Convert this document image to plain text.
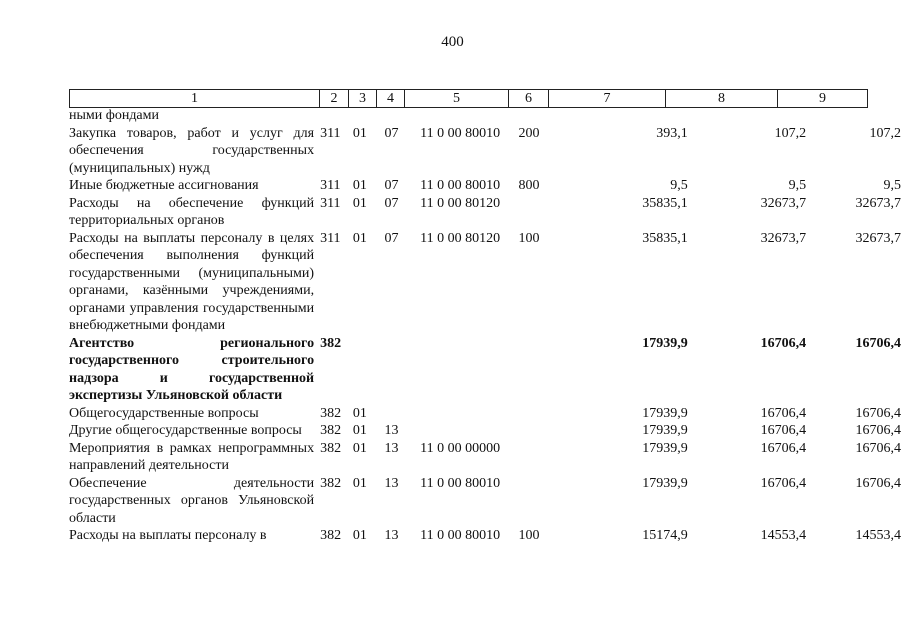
400
1	2	3	4	5	6	7	8	9
ными фондами								
Закупка товаров, работ и услуг для обеспечения государственных (муниципальных) нужд	311	01	07	11 0 00 80010	200	393,1	107,2	107,2
Иные бюджетные ассигнования	311	01	07	11 0 00 80010	800	9,5	9,5	9,5
Расходы на обеспечение функций территориальных органов	311	01	07	11 0 00 80120		35835,1	32673,7	32673,7
Расходы на выплаты персоналу в целях обеспечения выполнения функций государственными (муниципальными) органами, казёнными учреждениями, органами управления государственными внебюджетными фондами	311	01	07	11 0 00 80120	100	35835,1	32673,7	32673,7
Агентство регионального государственного строительного надзора и государственной экспертизы Ульяновской области	382					17939,9	16706,4	16706,4
Общегосударственные вопросы	382	01				17939,9	16706,4	16706,4
Другие общегосударственные вопросы	382	01	13			17939,9	16706,4	16706,4
Мероприятия в рамках непрограммных направлений деятельности	382	01	13	11 0 00 00000		17939,9	16706,4	16706,4
Обеспечение деятельности государственных органов Ульяновской области	382	01	13	11 0 00 80010		17939,9	16706,4	16706,4
Расходы на выплаты персоналу в	382	01	13	11 0 00 80010	100	15174,9	14553,4	14553,4
